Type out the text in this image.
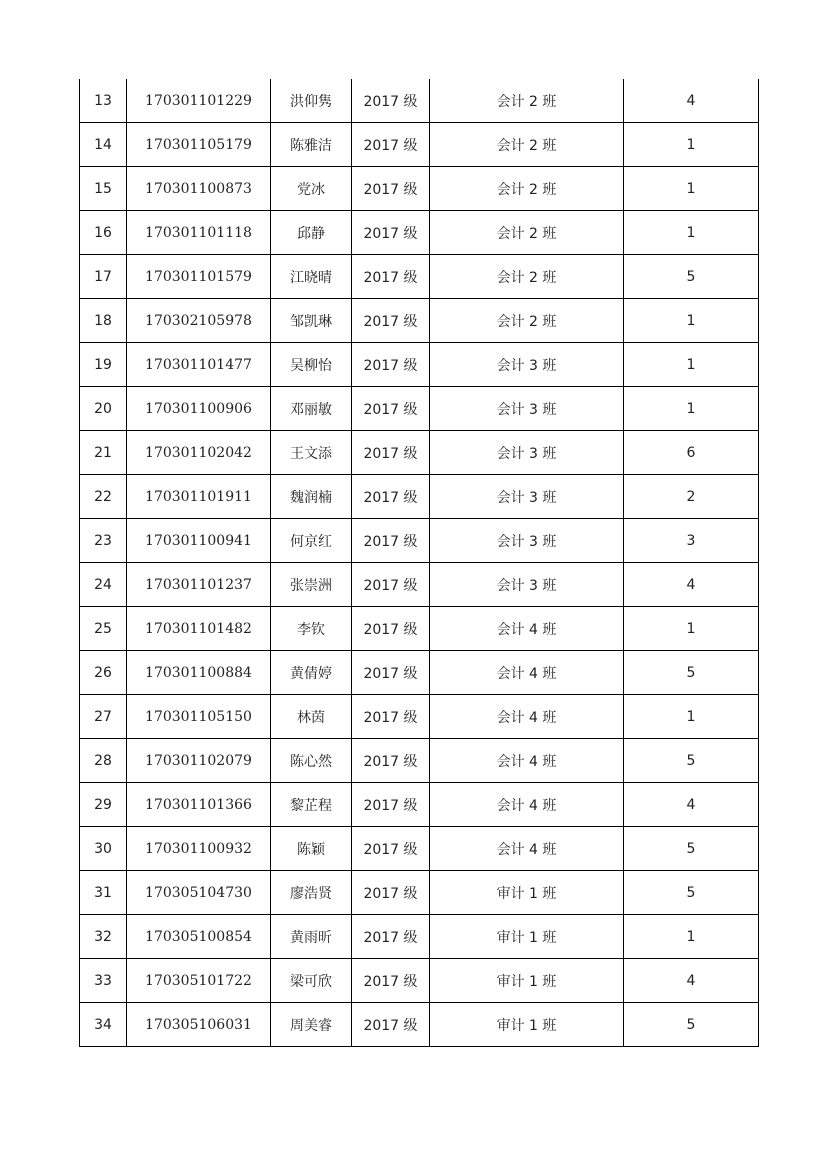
13	170301101229	洪仰隽	2017 级	会计 2 班	4
14	170301105179	陈雅洁	2017 级	会计 2 班	1
15	170301100873	党冰	2017 级	会计 2 班	1
16	170301101118	邱静	2017 级	会计 2 班	1
17	170301101579	江晓晴	2017 级	会计 2 班	5
18	170302105978	邹凯琳	2017 级	会计 2 班	1
19	170301101477	吴柳怡	2017 级	会计 3 班	1
20	170301100906	邓丽敏	2017 级	会计 3 班	1
21	170301102042	王文添	2017 级	会计 3 班	6
22	170301101911	魏润楠	2017 级	会计 3 班	2
23	170301100941	何京红	2017 级	会计 3 班	3
24	170301101237	张崇洲	2017 级	会计 3 班	4
25	170301101482	李钦	2017 级	会计 4 班	1
26	170301100884	黄倩婷	2017 级	会计 4 班	5
27	170301105150	林茵	2017 级	会计 4 班	1
28	170301102079	陈心然	2017 级	会计 4 班	5
29	170301101366	黎芷程	2017 级	会计 4 班	4
30	170301100932	陈颖	2017 级	会计 4 班	5
31	170305104730	廖浩贤	2017 级	审计 1 班	5
32	170305100854	黄雨昕	2017 级	审计 1 班	1
33	170305101722	梁可欣	2017 级	审计 1 班	4
34	170305106031	周美睿	2017 级	审计 1 班	5
